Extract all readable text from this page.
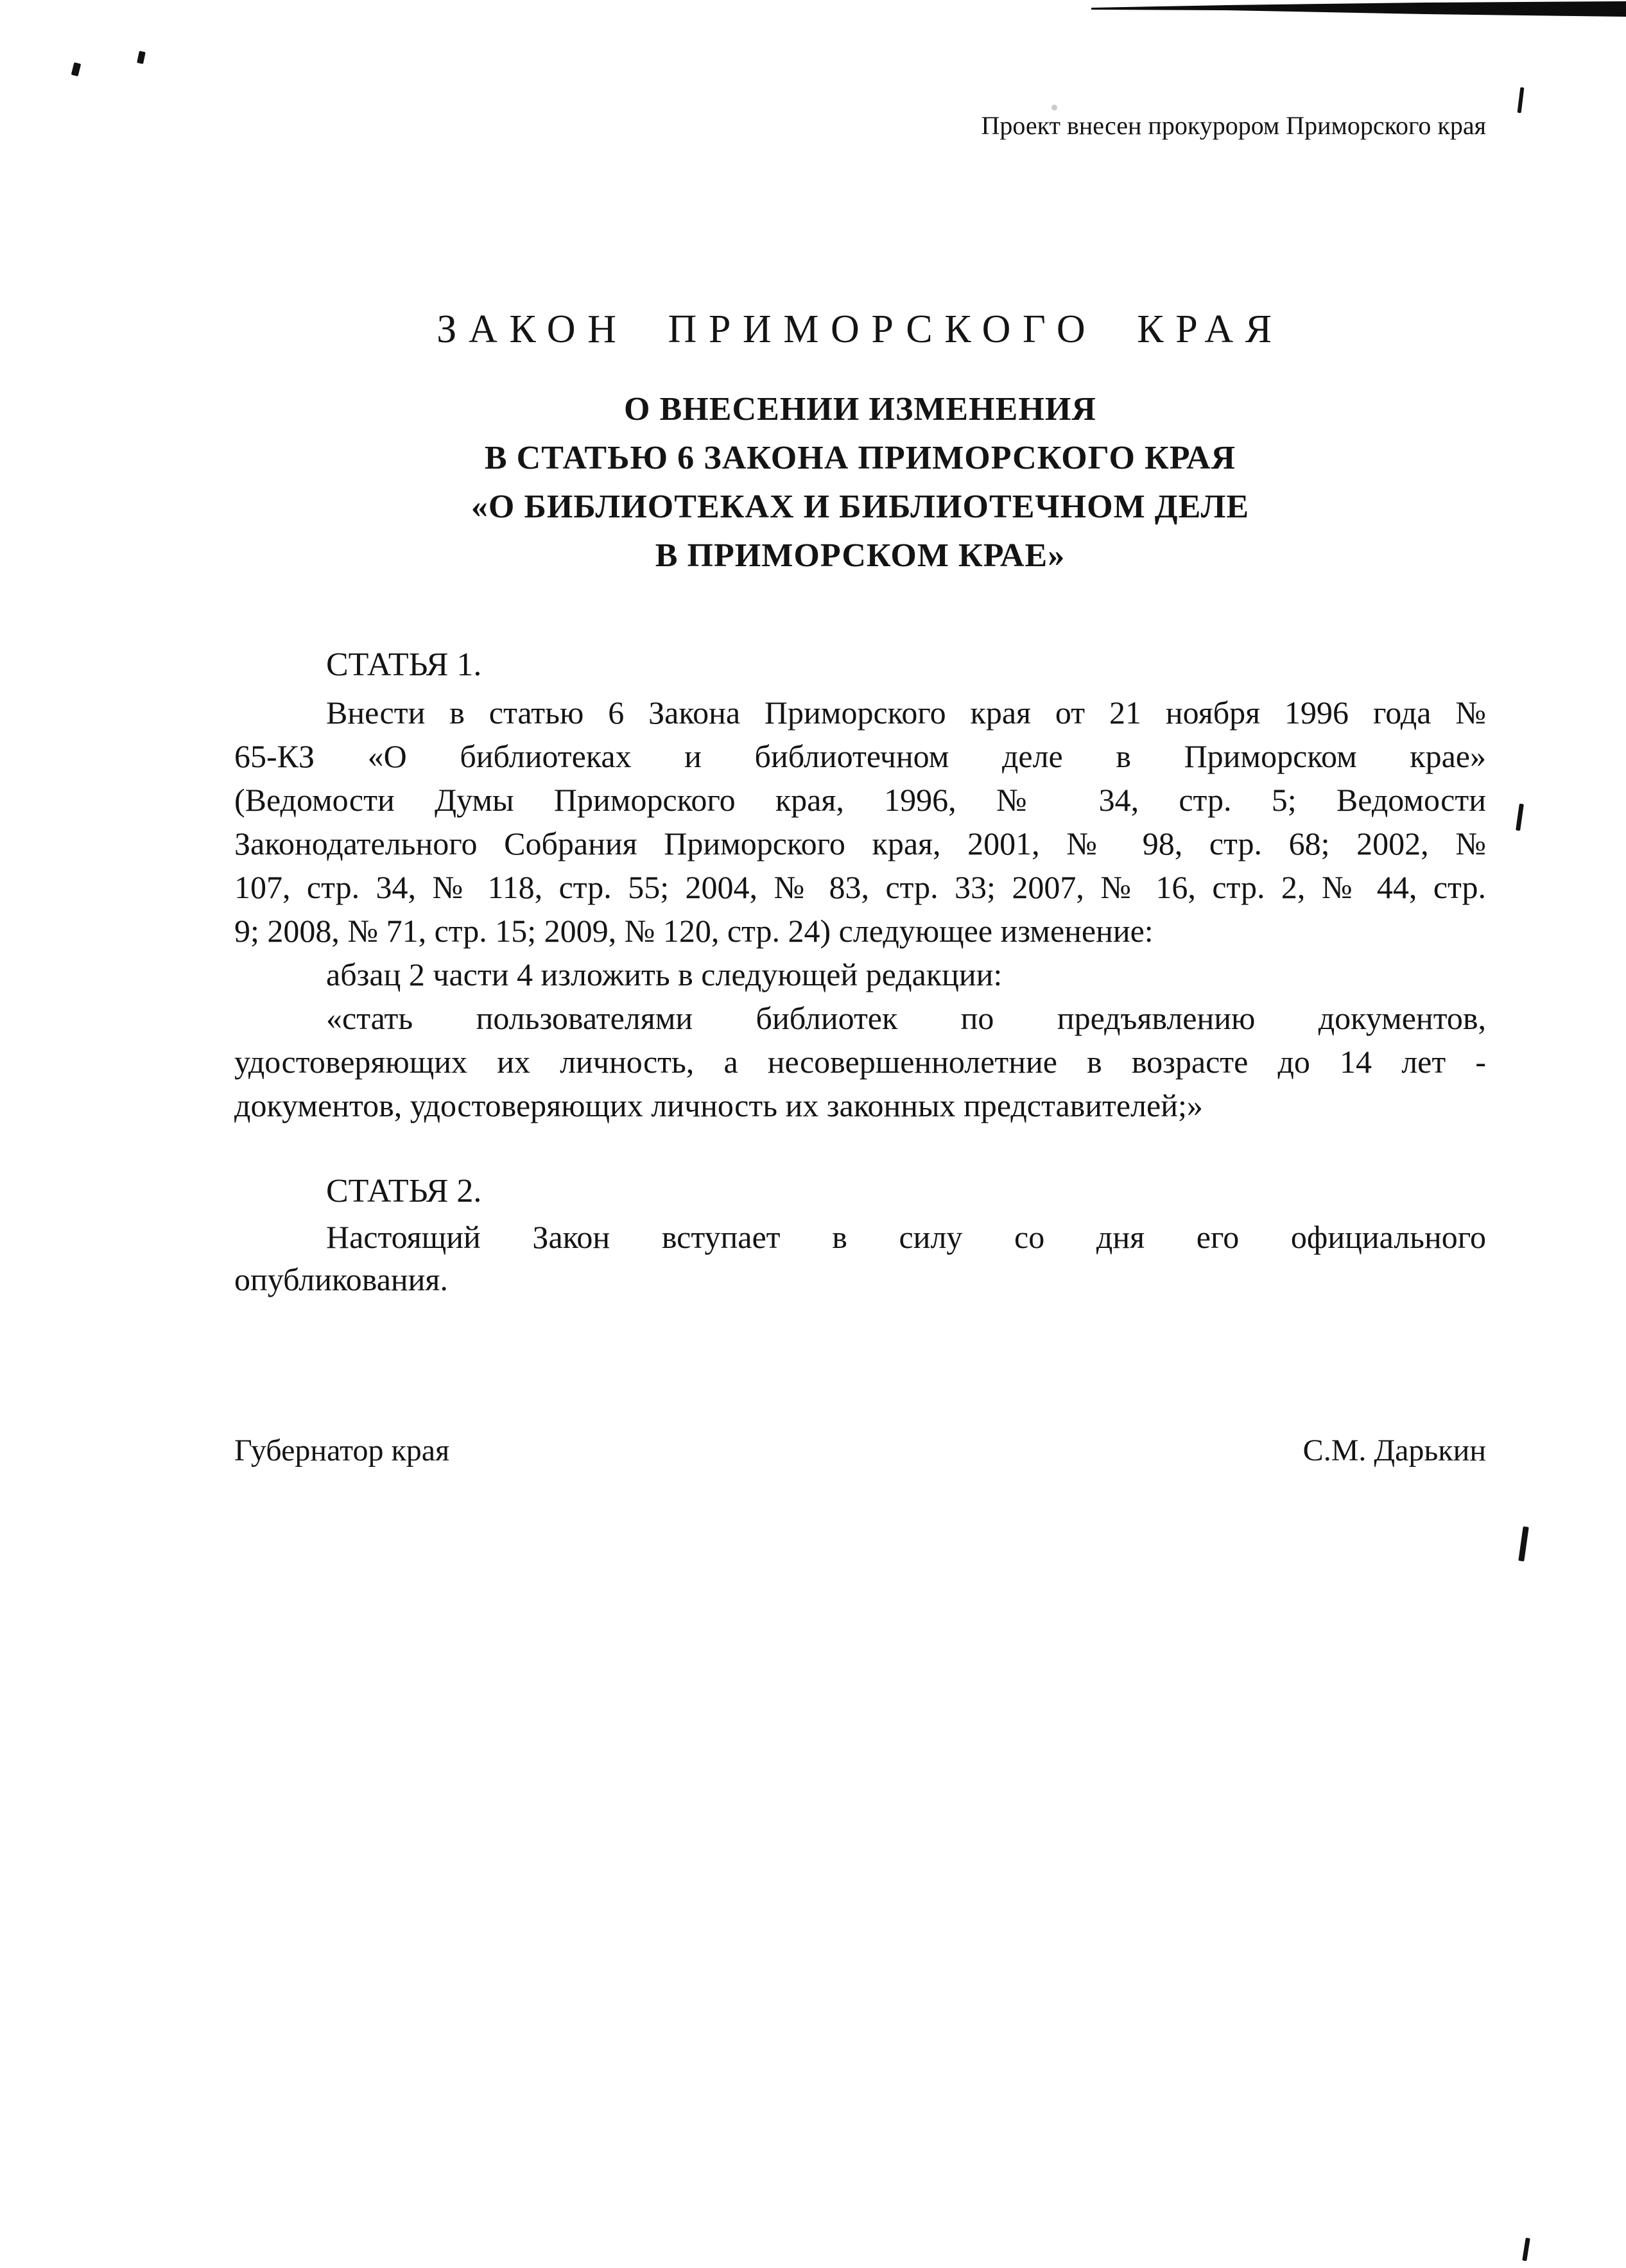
Проект внесен прокурором Приморского края
ЗАКОН ПРИМОРСКОГО КРАЯ
О ВНЕСЕНИИ ИЗМЕНЕНИЯ
В СТАТЬЮ 6 ЗАКОНА ПРИМОРСКОГО КРАЯ
«О БИБЛИОТЕКАХ И БИБЛИОТЕЧНОМ ДЕЛЕ
В ПРИМОРСКОМ КРАЕ»
СТАТЬЯ 1.
Внести в статью 6 Закона Приморского края от 21 ноября 1996 года №
65-КЗ «О библиотеках и библиотечном деле в Приморском крае»
(Ведомости Думы Приморского края, 1996, № 34, стр. 5; Ведомости
Законодательного Собрания Приморского края, 2001, № 98, стр. 68; 2002, №
107, стр. 34, № 118, стр. 55; 2004, № 83, стр. 33; 2007, № 16, стр. 2, № 44, стр.
9; 2008, № 71, стр. 15; 2009, № 120, стр. 24) следующее изменение:
абзац 2 части 4 изложить в следующей редакции:
«стать пользователями библиотек по предъявлению документов,
удостоверяющих их личность, а несовершеннолетние в возрасте до 14 лет -
документов, удостоверяющих личность их законных представителей;»
СТАТЬЯ 2.
Настоящий Закон вступает в силу со дня его официального
опубликования.
Губернатор края	С.М. Дарькин
